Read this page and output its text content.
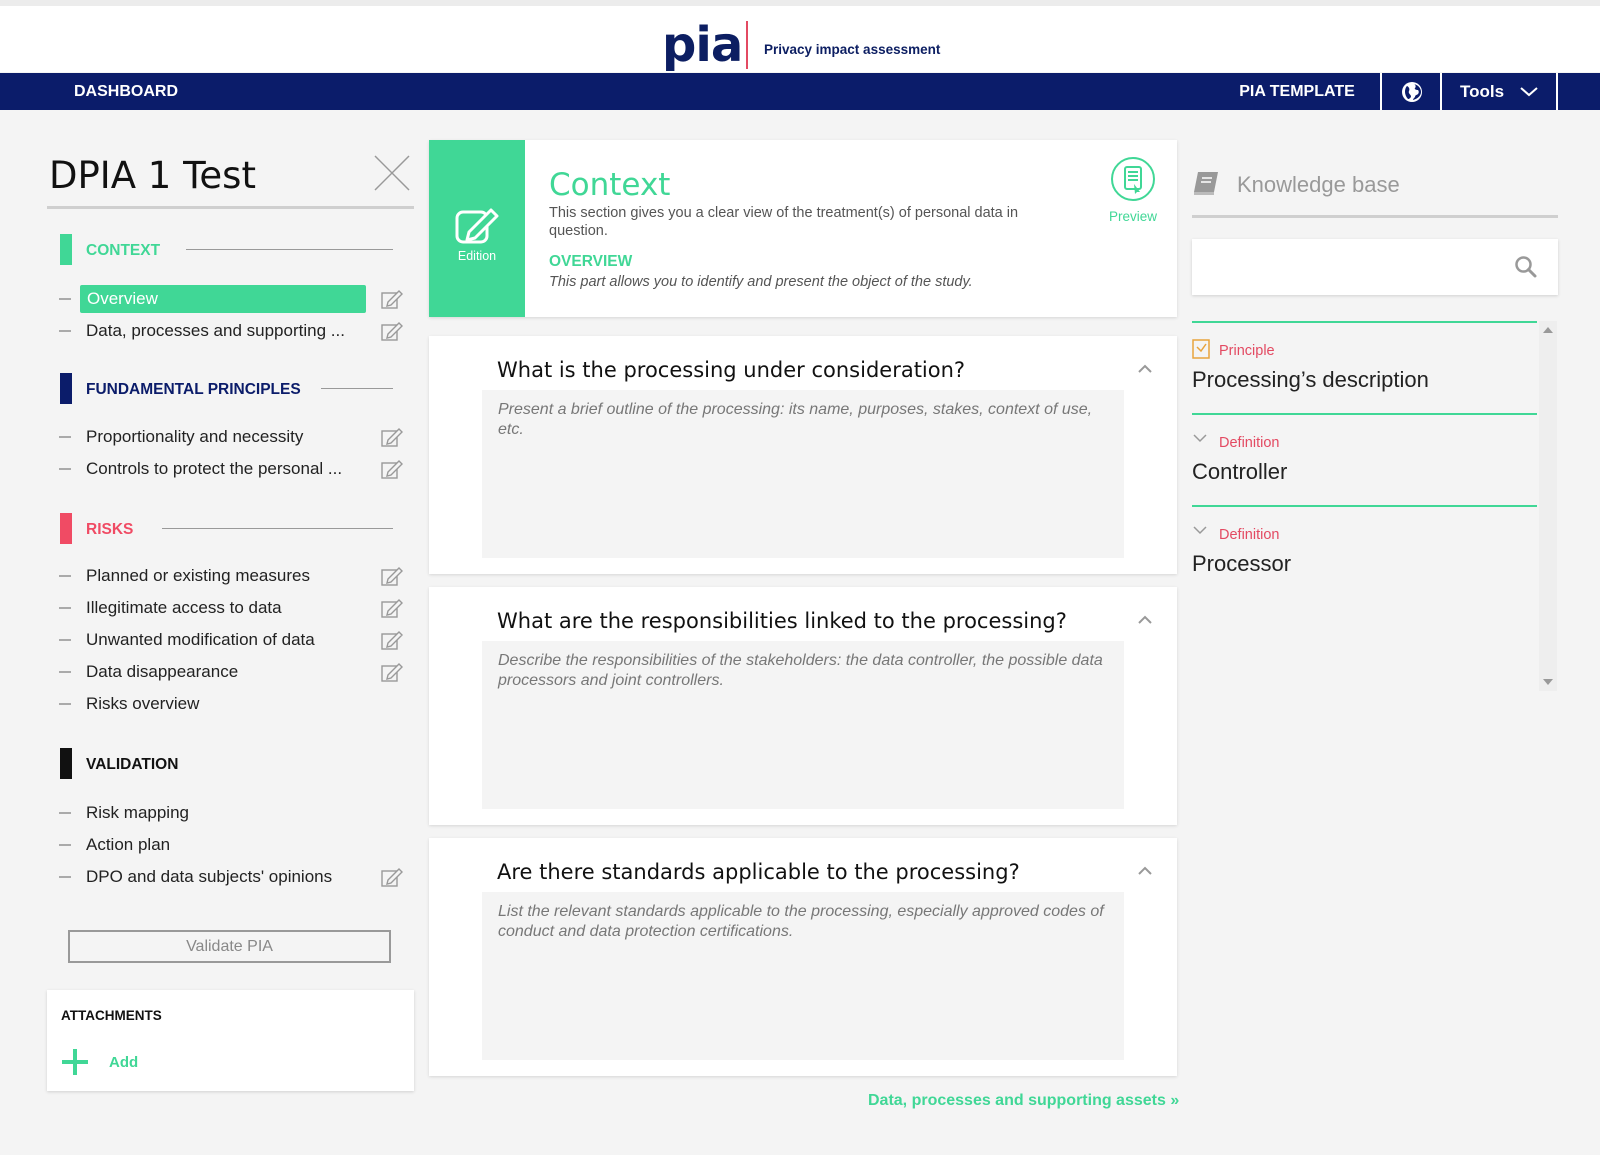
pia Privacy impact assessment
DASHBOARD	PIA TEMPLATE	Tools
DPIA 1 Test
CONTEXT
Overview
Data, processes and supporting ...
FUNDAMENTAL PRINCIPLES
Proportionality and necessity
Controls to protect the personal ...
RISKS
Planned or existing measures
Illegitimate access to data
Unwanted modification of data
Data disappearance
Risks overview
VALIDATION
Risk mapping
Action plan
DPO and data subjects' opinions
Validate PIA
ATTACHMENTS
Add
Edition
Context
This section gives you a clear view of the treatment(s) of personal data in question.
OVERVIEW
This part allows you to identify and present the object of the study.
Preview
What is the processing under consideration?
Present a brief outline of the processing: its name, purposes, stakes, context of use, etc.
What are the responsibilities linked to the processing?
Describe the responsibilities of the stakeholders: the data controller, the possible data processors and joint controllers.
Are there standards applicable to the processing?
List the relevant standards applicable to the processing, especially approved codes of conduct and data protection certifications.
Data, processes and supporting assets »
Knowledge base
Principle
Processing’s description
Definition
Controller
Definition
Processor
